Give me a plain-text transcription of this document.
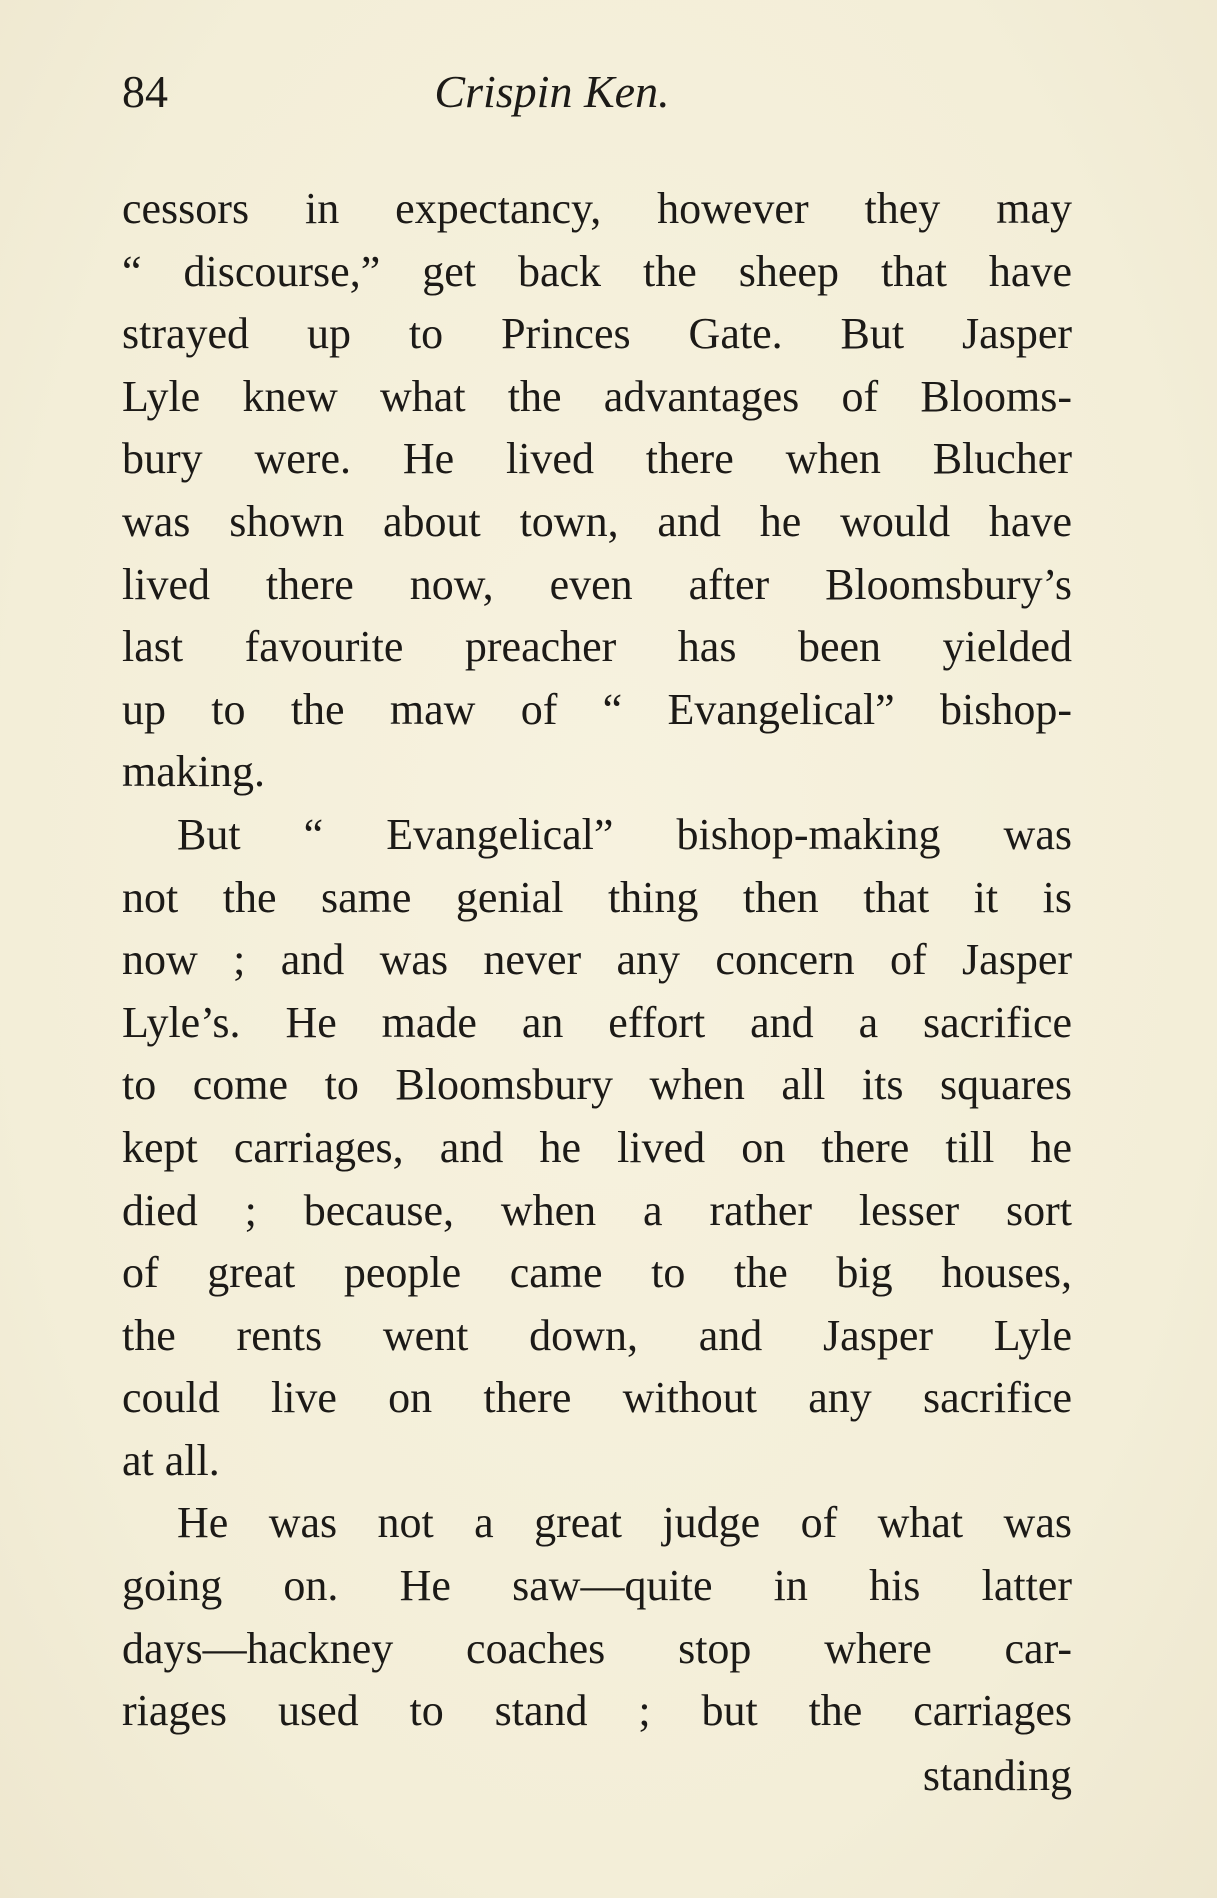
84	Crispin Ken.
cessors in expectancy, however they may
“ discourse,” get back the sheep that have
strayed up to Princes Gate. But Jasper
Lyle knew what the advantages of Blooms-
bury were. He lived there when Blucher
was shown about town, and he would have
lived there now, even after Bloomsbury’s
last favourite preacher has been yielded
up to the maw of “ Evangelical” bishop-
making.
But “ Evangelical” bishop-making was
not the same genial thing then that it is
now ; and was never any concern of Jasper
Lyle’s. He made an effort and a sacrifice
to come to Bloomsbury when all its squares
kept carriages, and he lived on there till he
died ; because, when a rather lesser sort
of great people came to the big houses,
the rents went down, and Jasper Lyle
could live on there without any sacrifice
at all.
He was not a great judge of what was
going on. He saw—quite in his latter
days—hackney coaches stop where car-
riages used to stand ; but the carriages
standing
